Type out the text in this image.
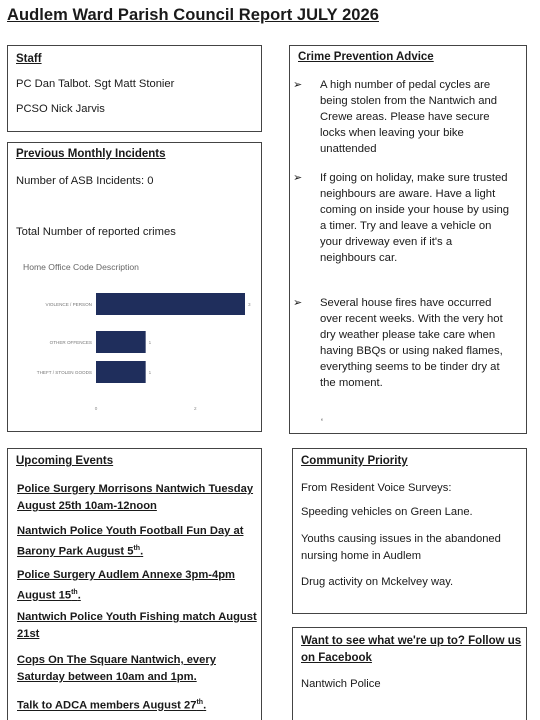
Audlem Ward Parish Council Report JULY 2026
Staff
PC Dan Talbot. Sgt Matt Stonier
PCSO Nick Jarvis
Previous Monthly Incidents
Number of ASB Incidents: 0
Total Number of reported crimes
Home Office Code Description
VIOLENCE / PERSON	3
OTHER OFFENCES	1
THEFT / STOLEN GOODS	1
0	2
Crime Prevention Advice
➢ A high number of pedal cycles are being stolen from the Nantwich and Crewe areas. Please have secure locks when leaving your bike unattended
➢ If going on holiday, make sure trusted neighbours are aware. Have a light coming on inside your house by using a timer. Try and leave a vehicle on your driveway even if it's a neighbours car.
➢ Several house fires have occurred over recent weeks. With the very hot dry weather please take care when having BBQs or using naked flames, everything seems to be tinder dry at the moment.
‘
Upcoming Events
Police Surgery Morrisons Nantwich Tuesday August 25th 10am-12noon
Nantwich Police Youth Football Fun Day at Barony Park August 5th.
Police Surgery Audlem Annexe 3pm-4pm August 15th.
Nantwich Police Youth Fishing match August 21st
Cops On The Square Nantwich, every Saturday between 10am and 1pm.
Talk to ADCA members August 27th.
Community Priority
From Resident Voice Surveys:
Speeding vehicles on Green Lane.
Youths causing issues in the abandoned nursing home in Audlem
Drug activity on Mckelvey way.
Want to see what we're up to? Follow us on Facebook
Nantwich Police
